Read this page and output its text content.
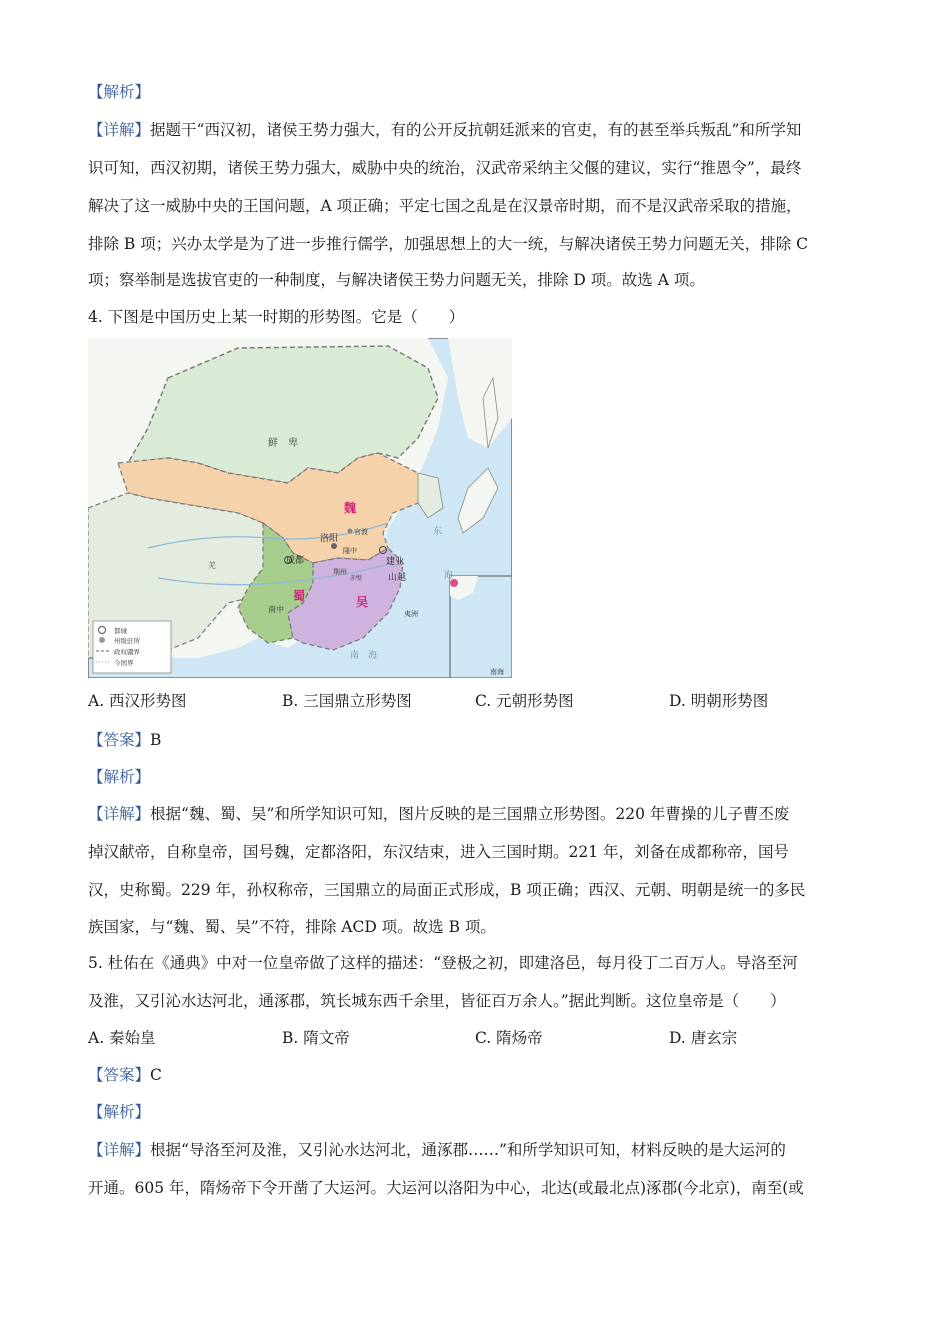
【解析】
【详解】据题干“西汉初，诸侯王势力强大，有的公开反抗朝廷派来的官吏，有的甚至举兵叛乱”和所学知
识可知，西汉初期，诸侯王势力强大，威胁中央的统治，汉武帝采纳主父偃的建议，实行“推恩令”，最终
解决了这一威胁中央的王国问题，A 项正确；平定七国之乱是在汉景帝时期，而不是汉武帝采取的措施，
排除 B 项；兴办太学是为了进一步推行儒学，加强思想上的大一统，与解决诸侯王势力问题无关，排除 C
项；察举制是选拔官吏的一种制度，与解决诸侯王势力问题无关，排除 D 项。故选 A 项。
4. 下图是中国历史上某一时期的形势图。它是（　　）
都城
州级驻所
政权疆界
今国界
鲜　卑
魏
蜀	吴
洛阳
成都	建业
官渡
隆中
荆州
赤壁	山越
南中
羌
东
海
南　海
夷洲
南海
A. 西汉形势图	B. 三国鼎立形势图	C. 元朝形势图	D. 明朝形势图
【答案】B
【解析】
【详解】根据“魏、蜀、吴”和所学知识可知，图片反映的是三国鼎立形势图。220 年曹操的儿子曹丕废
掉汉献帝，自称皇帝，国号魏，定都洛阳，东汉结束，进入三国时期。221 年，刘备在成都称帝，国号
汉，史称蜀。229 年，孙权称帝，三国鼎立的局面正式形成，B 项正确；西汉、元朝、明朝是统一的多民
族国家，与“魏、蜀、吴”不符，排除 ACD 项。故选 B 项。
5. 杜佑在《通典》中对一位皇帝做了这样的描述：“登极之初，即建洛邑，每月役丁二百万人。导洛至河
及淮，又引沁水达河北，通涿郡，筑长城东西千余里，皆征百万余人。”据此判断。这位皇帝是（　　）
A. 秦始皇	B. 隋文帝	C. 隋炀帝	D. 唐玄宗
【答案】C
【解析】
【详解】根据“导洛至河及淮，又引沁水达河北，通涿郡……”和所学知识可知，材料反映的是大运河的
开通。605 年，隋炀帝下令开凿了大运河。大运河以洛阳为中心，北达(或最北点)涿郡(今北京)，南至(或
